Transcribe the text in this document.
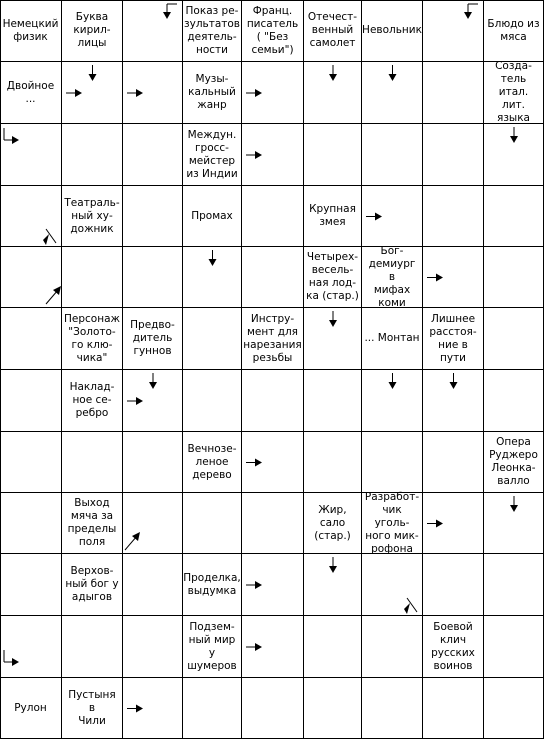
Немецкий
физик
Буква
кирил-
лицы
Показ ре-
зультатов
деятель-
ности
Франц.
писатель
( "Без
семьи")
Отечест-
венный
самолет
Невольник
Блюдо из
мяса
Двойное
...
Музы-
кальный
жанр
Созда-
тель итал.
лит. языка
Междун.
гросс-
мейстер
из Индии
Театраль-
ный ху-
дожник
Промах
Крупная
змея
Четырех-
весель-
ная лод-
ка (стар.)
Бог-
демиург в
мифах
коми
Персонаж
"Золото-
го клю-
чика"
Предво-
дитель
гуннов
Инстру-
мент для
нарезания
резьбы
... Монтан
Лишнее
расстоя-
ние в пути
Наклад-
ное се-
ребро
Вечнозе-
леное
дерево
Опера
Руджеро
Леонка-
валло
Выход
мяча за
пределы
поля
Жир, сало
(стар.)
Разработ-
чик уголь-
ного мик-
рофона
Верхов-
ный бог у
адыгов
Проделка,
выдумка
Подзем-
ный мир у
шумеров
Боевой
клич
русских
воинов
Рулон
Пустыня в
Чили
